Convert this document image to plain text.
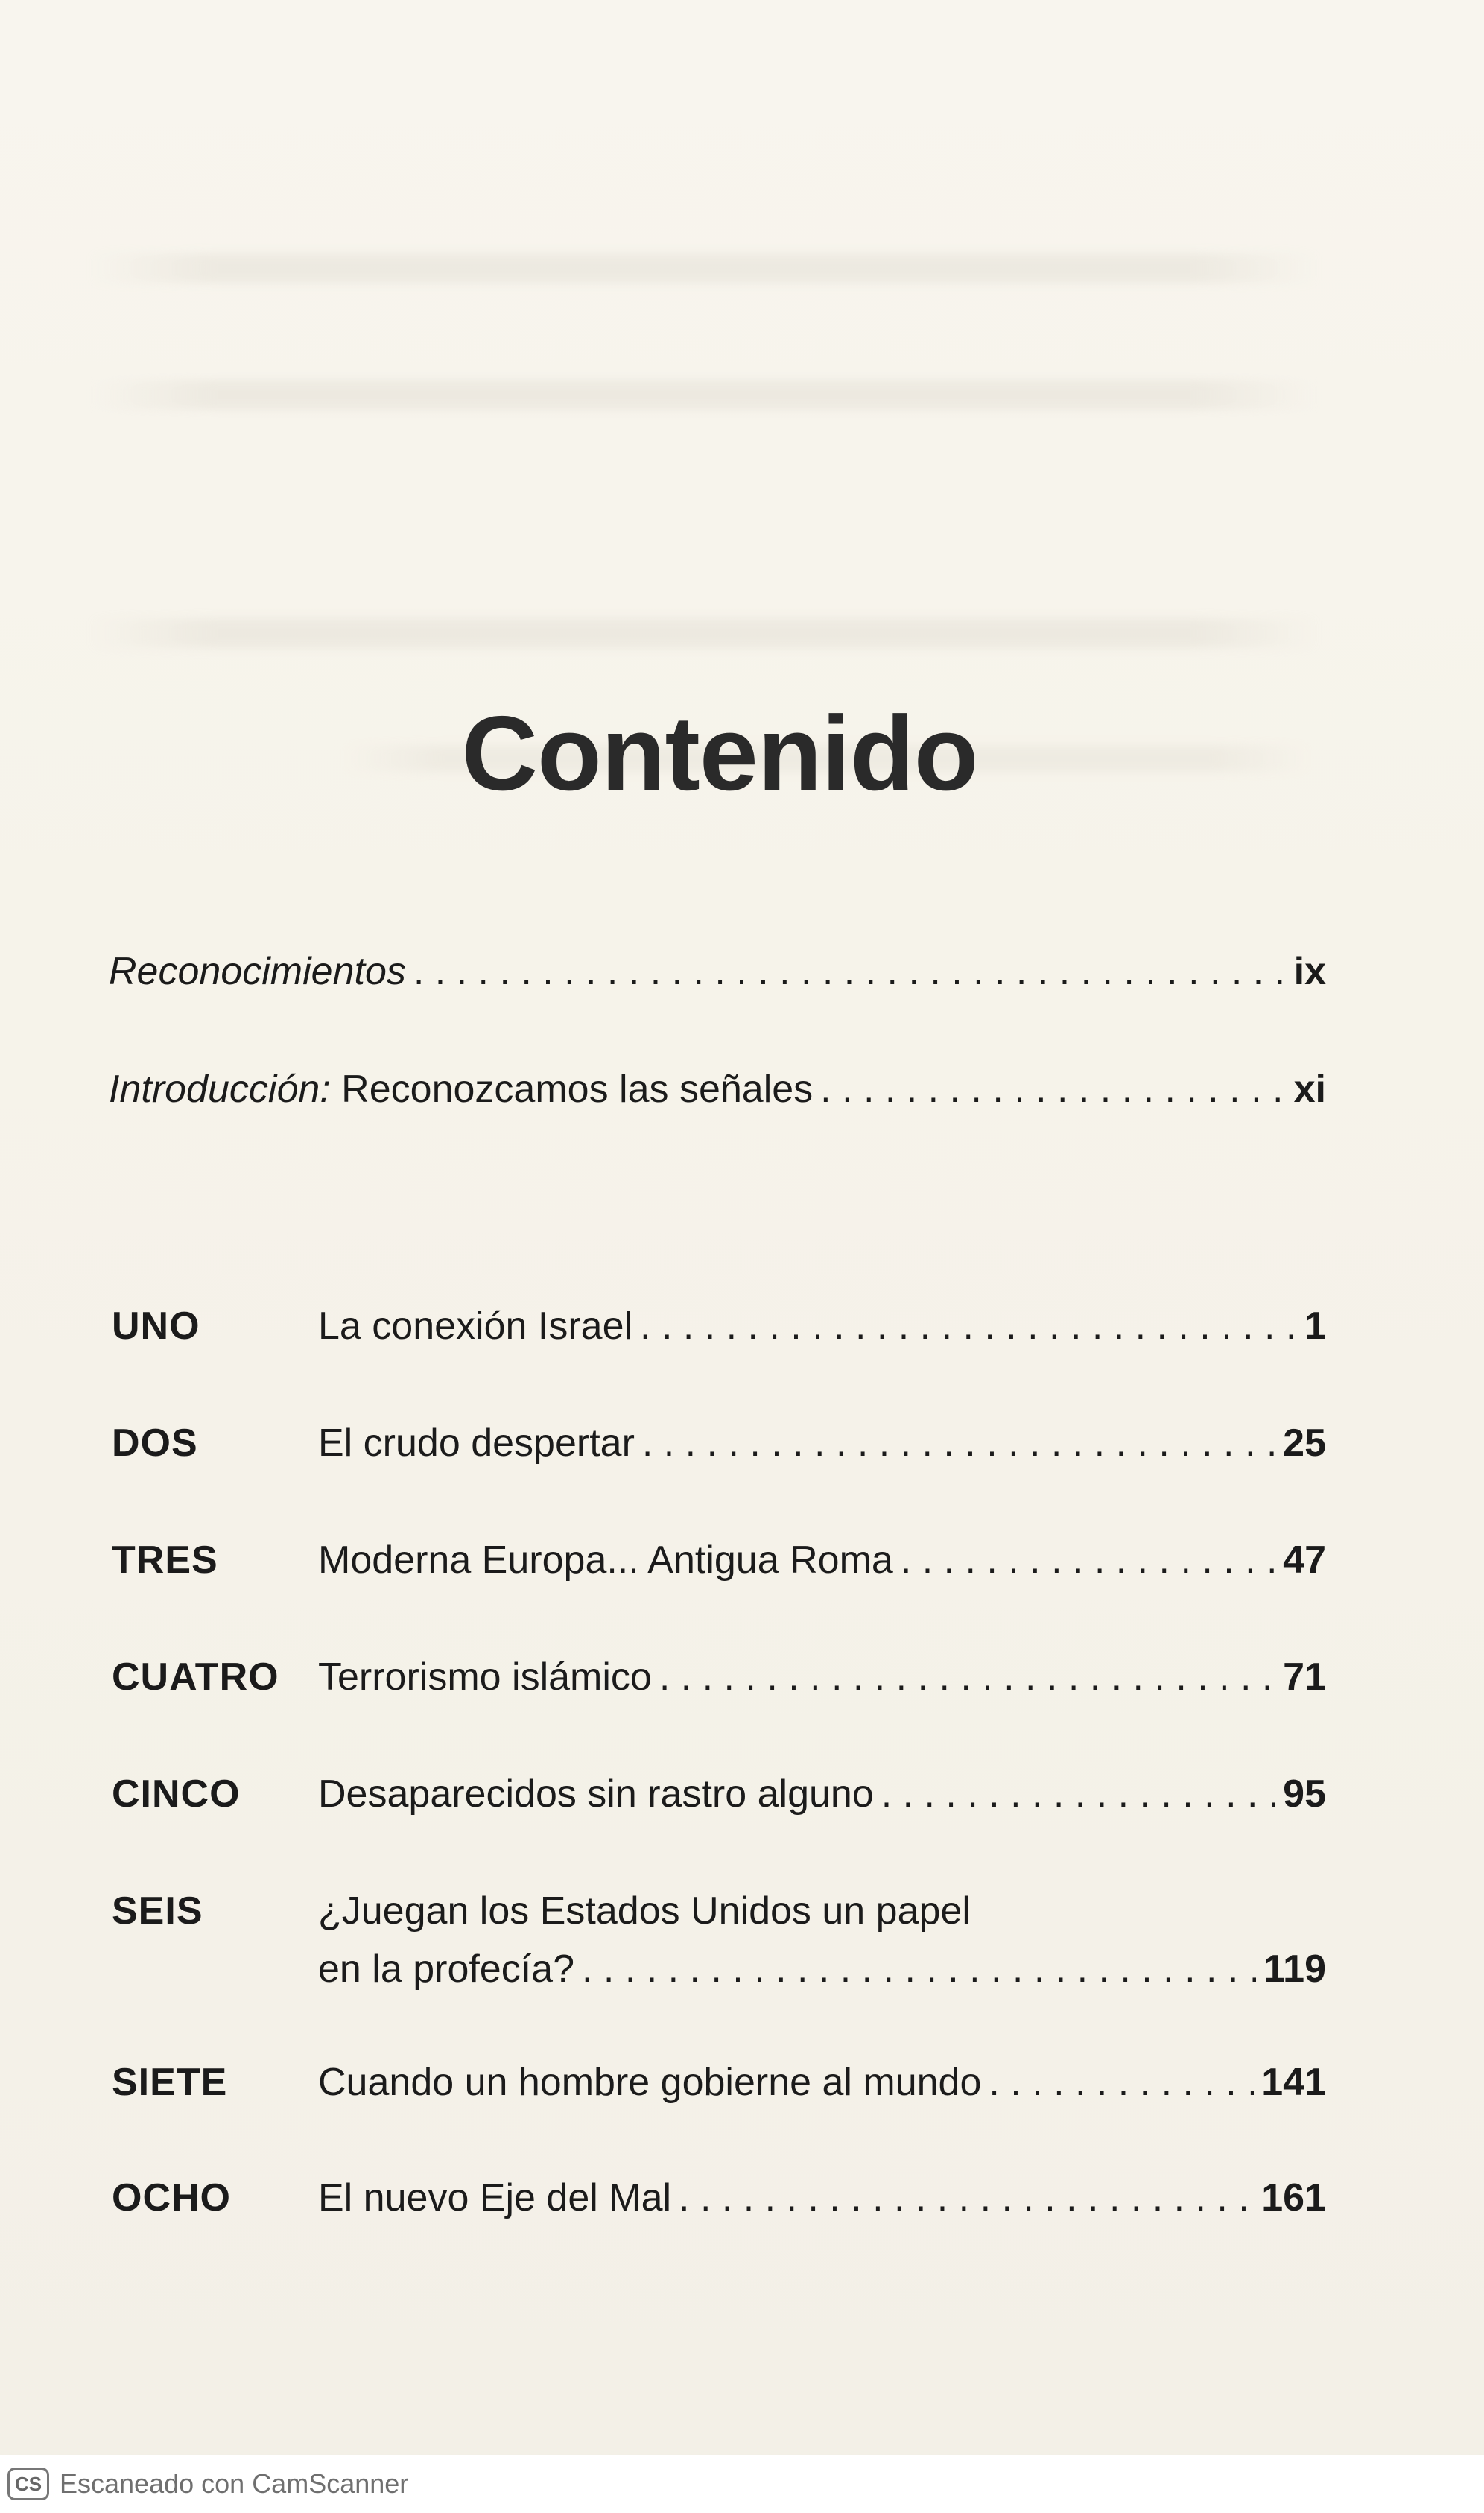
Contenido
Reconocimientos . . .	ix
Introducción: Reconozcamos las señales . . .	xi
UNO	La conexión Israel . . .	1
DOS	El crudo despertar . . .	25
TRES	Moderna Europa... Antigua Roma . . .	47
CUATRO Terrorismo islámico . . .	71
CINCO Desaparecidos sin rastro alguno . . .	95
SEIS	¿Juegan los Estados Unidos un papel
en la profecía? . . .	119
SIETE Cuando un hombre gobierne al mundo . . .	141
OCHO El nuevo Eje del Mal . . .	161
CS Escaneado con CamScanner
